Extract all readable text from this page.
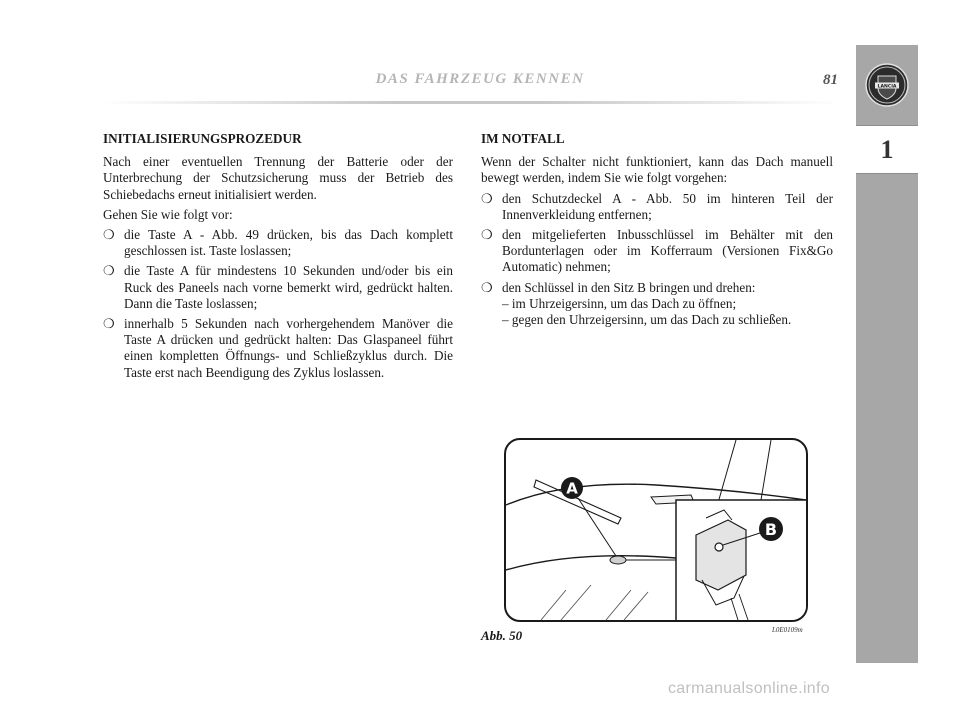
DAS FAHRZEUG KENNEN	81	LANCIA
1
INITIALISIERUNGSPROZEDUR

Nach einer eventuellen Trennung der Batterie oder der Unterbrechung der Schutzsicherung muss der Betrieb des Schiebedachs erneut initialisiert werden.

Gehen Sie wie folgt vor:

❍ die Taste A - Abb. 49 drücken, bis das Dach komplett geschlossen ist. Taste loslassen;
❍ die Taste A für mindestens 10 Sekunden und/oder bis ein Ruck des Paneels nach vorne bemerkt wird, gedrückt halten. Dann die Taste loslassen;
❍ innerhalb 5 Sekunden nach vorhergehendem Manöver die Taste A drücken und gedrückt halten: Das Glaspaneel führt einen kompletten Öffnungs- und Schließzyklus durch. Die Taste erst nach Beendigung des Zyklus loslassen.
IM NOTFALL

Wenn der Schalter nicht funktioniert, kann das Dach manuell bewegt werden, indem Sie wie folgt vorgehen:

❍ den Schutzdeckel A - Abb. 50 im hinteren Teil der Innenverkleidung entfernen;
❍ den mitgelieferten Inbusschlüssel im Behälter mit den Bordunterlagen oder im Kofferraum (Versionen Fix&Go Automatic) nehmen;
❍ den Schlüssel in den Sitz B bringen und drehen:
– im Uhrzeigersinn, um das Dach zu öffnen;
– gegen den Uhrzeigersinn, um das Dach zu schließen.
A
B
Abb. 50	L0E0109m
carmanualsonline.info
